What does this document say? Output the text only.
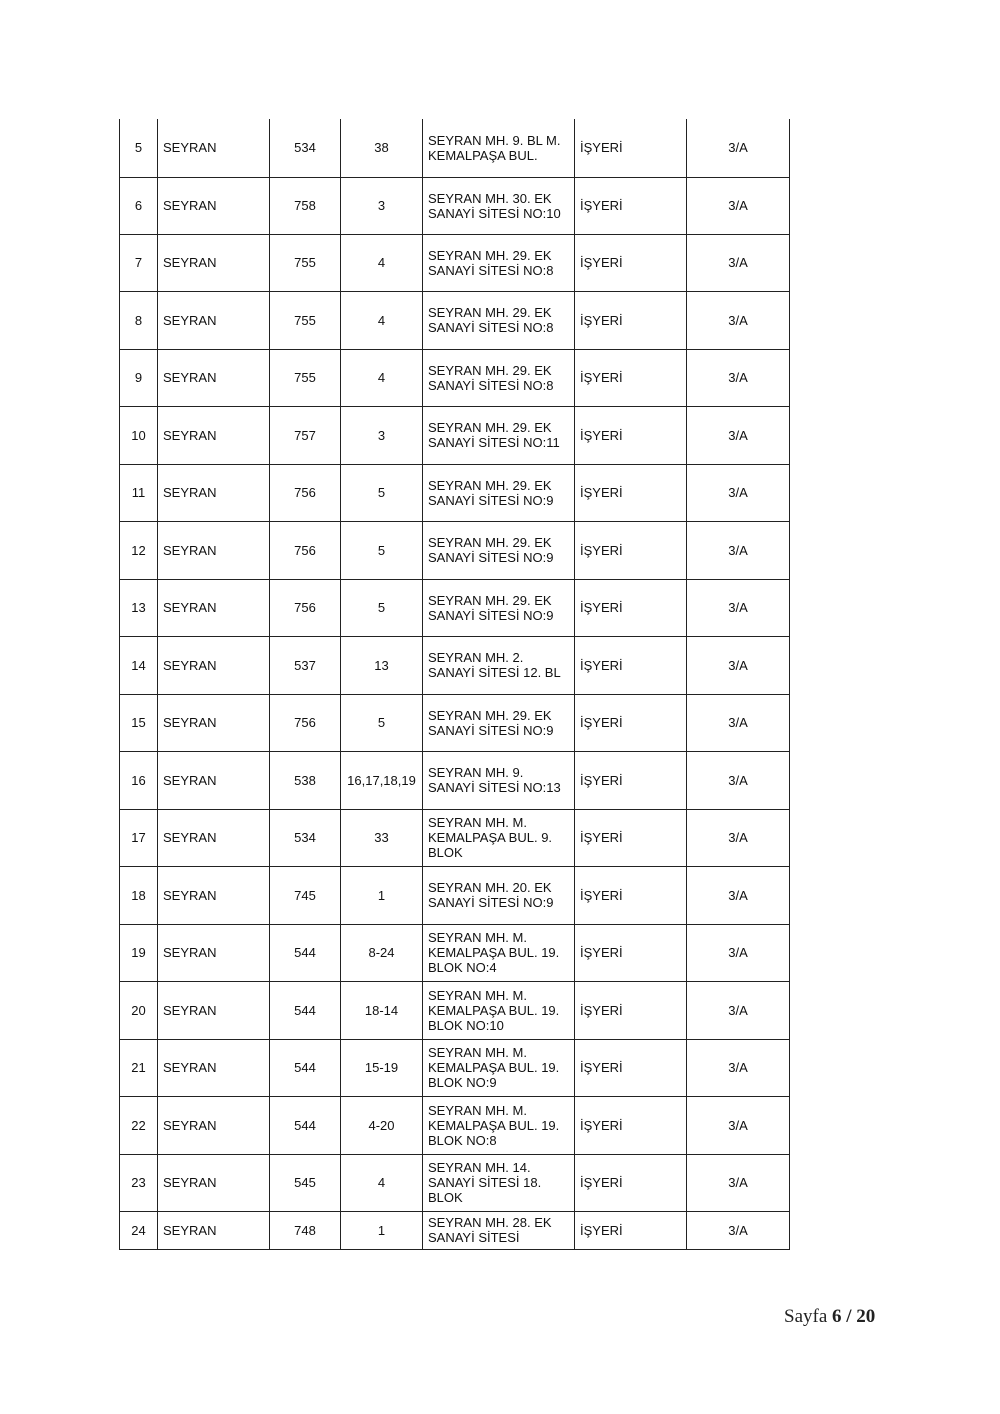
5	SEYRAN	534	38	SEYRAN MH. 9. BL M. KEMALPAŞA BUL.	İŞYERİ	3/A
6	SEYRAN	758	3	SEYRAN MH. 30. EK SANAYİ SİTESİ NO:10	İŞYERİ	3/A
7	SEYRAN	755	4	SEYRAN MH. 29. EK SANAYİ SİTESİ NO:8	İŞYERİ	3/A
8	SEYRAN	755	4	SEYRAN MH. 29. EK SANAYİ SİTESİ NO:8	İŞYERİ	3/A
9	SEYRAN	755	4	SEYRAN MH. 29. EK SANAYİ SİTESİ NO:8	İŞYERİ	3/A
10	SEYRAN	757	3	SEYRAN MH. 29. EK SANAYİ SİTESİ NO:11	İŞYERİ	3/A
11	SEYRAN	756	5	SEYRAN MH. 29. EK SANAYİ SİTESİ NO:9	İŞYERİ	3/A
12	SEYRAN	756	5	SEYRAN MH. 29. EK SANAYİ SİTESİ NO:9	İŞYERİ	3/A
13	SEYRAN	756	5	SEYRAN MH. 29. EK SANAYİ SİTESİ NO:9	İŞYERİ	3/A
14	SEYRAN	537	13	SEYRAN MH. 2. SANAYİ SİTESİ 12. BL	İŞYERİ	3/A
15	SEYRAN	756	5	SEYRAN MH. 29. EK SANAYİ SİTESİ NO:9	İŞYERİ	3/A
16	SEYRAN	538	16,17,18,19	SEYRAN MH. 9. SANAYİ SİTESİ NO:13	İŞYERİ	3/A
17	SEYRAN	534	33	SEYRAN MH. M. KEMALPAŞA BUL. 9. BLOK	İŞYERİ	3/A
18	SEYRAN	745	1	SEYRAN MH. 20. EK SANAYİ SİTESİ NO:9	İŞYERİ	3/A
19	SEYRAN	544	8-24	SEYRAN MH. M. KEMALPAŞA BUL. 19. BLOK NO:4	İŞYERİ	3/A
20	SEYRAN	544	18-14	SEYRAN MH. M. KEMALPAŞA BUL. 19. BLOK NO:10	İŞYERİ	3/A
21	SEYRAN	544	15-19	SEYRAN MH. M. KEMALPAŞA BUL. 19. BLOK NO:9	İŞYERİ	3/A
22	SEYRAN	544	4-20	SEYRAN MH. M. KEMALPAŞA BUL. 19. BLOK NO:8	İŞYERİ	3/A
23	SEYRAN	545	4	SEYRAN MH. 14. SANAYİ SİTESİ 18. BLOK	İŞYERİ	3/A
24	SEYRAN	748	1	SEYRAN MH. 28. EK SANAYİ SİTESİ	İŞYERİ	3/A
Sayfa 6 / 20
